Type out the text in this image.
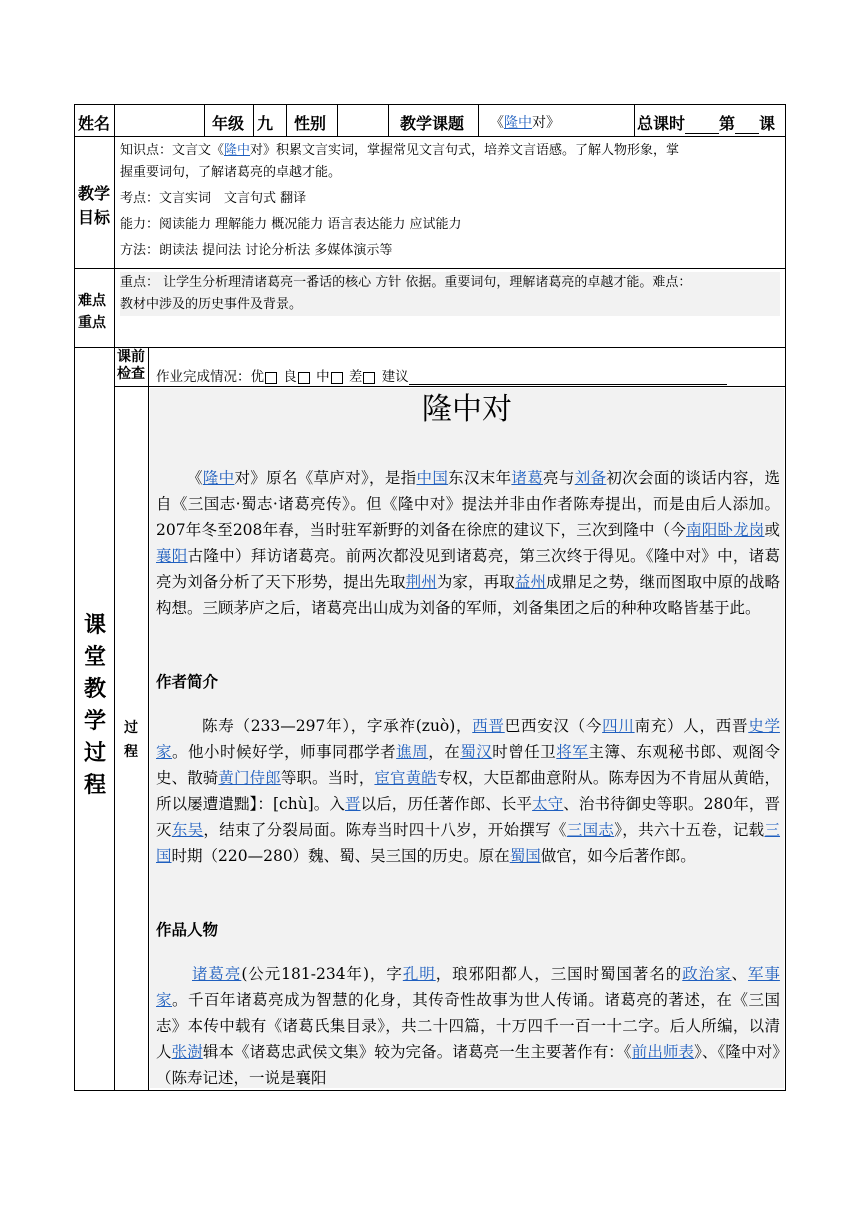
姓名	年级 九 性别	教学课题 《隆中对》	总课时 第 课
教学
目标
知识点：文言文《隆中对》积累文言实词，掌握常见文言句式，培养文言语感。了解人物形象，掌
握重要词句，了解诸葛亮的卓越才能。
考点：文言实词　文言句式 翻译
能力：阅读能力 理解能力 概况能力 语言表达能力 应试能力
方法：朗读法 提问法 讨论分析法 多媒体演示等
难点
重点
重点： 让学生分析理清诸葛亮一番话的核心 方针 依据。重要词句，理解诸葛亮的卓越才能。难点：
教材中涉及的历史事件及背景。
课前
检查 作业完成情况：优 良 中 差 建议
课
堂
教
学
过
程
过
程
隆中对
《隆中对》原名《草庐对》，是指中国东汉末年诸葛亮与刘备初次会面的谈话内容，选自《三国志·蜀志·诸葛亮传》。但《隆中对》提法并非由作者陈寿提出，而是由后人添加。207年冬至208年春，当时驻军新野的刘备在徐庶的建议下，三次到隆中（今南阳卧龙岗或襄阳古隆中）拜访诸葛亮。前两次都没见到诸葛亮，第三次终于得见。《隆中对》中，诸葛亮为刘备分析了天下形势，提出先取荆州为家，再取益州成鼎足之势，继而图取中原的战略构想。三顾茅庐之后，诸葛亮出山成为刘备的军师，刘备集团之后的种种攻略皆基于此。
作者简介
陈寿（233—297年），字承祚(zuò)，西晋巴西安汉（今四川南充）人，西晋史学家。他小时候好学，师事同郡学者谯周，在蜀汉时曾任卫将军主簿、东观秘书郎、观阁令史、散骑黄门侍郎等职。当时，宦官黄皓专权，大臣都曲意附从。陈寿因为不肯屈从黄皓，所以屡遭遣黜】：[chù]。入晋以后，历任著作郎、长平太守、治书待御史等职。280年，晋灭东吴，结束了分裂局面。陈寿当时四十八岁，开始撰写《三国志》，共六十五卷，记载三国时期（220—280）魏、蜀、吴三国的历史。原在蜀国做官，如今后著作郎。
作品人物
诸葛亮(公元181-234年)，字孔明，琅邪阳都人，三国时蜀国著名的政治家、军事家。千百年诸葛亮成为智慧的化身，其传奇性故事为世人传诵。诸葛亮的著述，在《三国志》本传中载有《诸葛氏集目录》，共二十四篇，十万四千一百一十二字。后人所编，以清人张澍辑本《诸葛忠武侯文集》较为完备。诸葛亮一生主要著作有：《前出师表》、《隆中对》（陈寿记述，一说是襄阳
